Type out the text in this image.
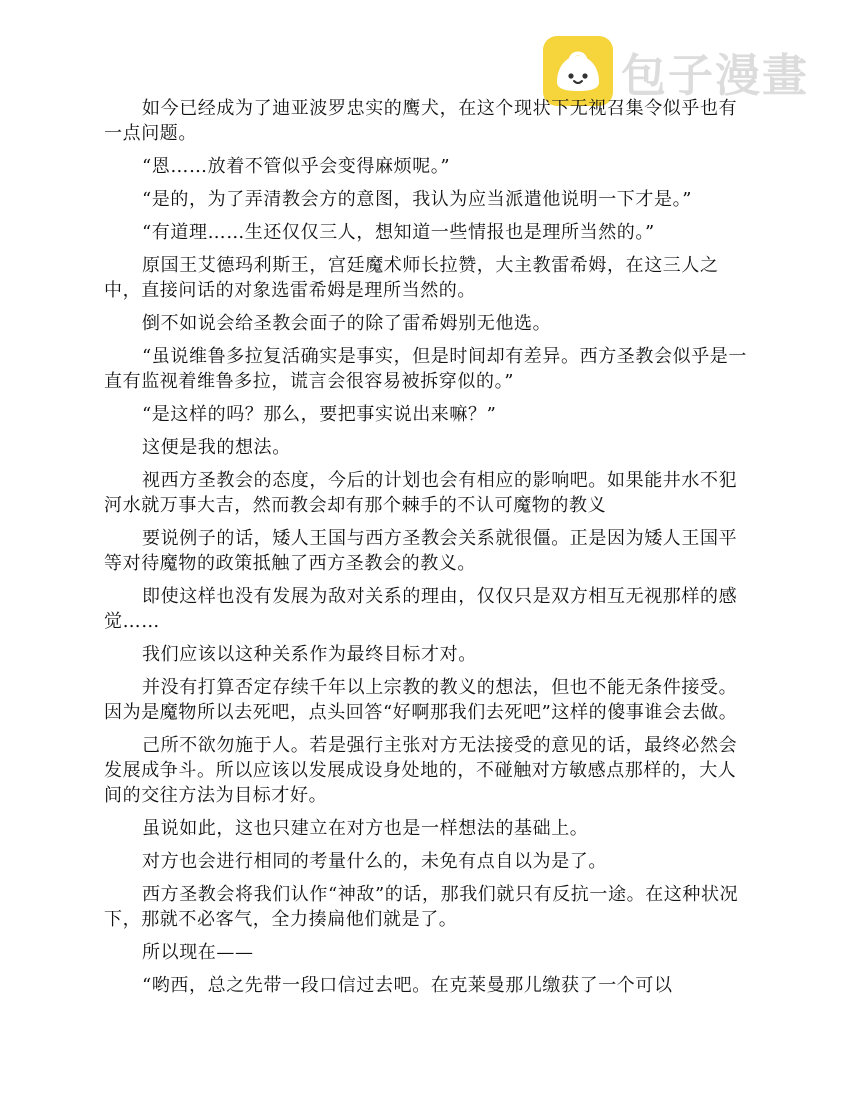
包子漫畫

如今已经成为了迪亚波罗忠实的鹰犬，在这个现状下无视召集令似乎也有一点问题。

“恩……放着不管似乎会变得麻烦呢。”

“是的，为了弄清教会方的意图，我认为应当派遣他说明一下才是。”

“有道理……生还仅仅三人，想知道一些情报也是理所当然的。”

原国王艾德玛利斯王，宫廷魔术师长拉赞，大主教雷希姆，在这三人之中，直接问话的对象选雷希姆是理所当然的。

倒不如说会给圣教会面子的除了雷希姆别无他选。

“虽说维鲁多拉复活确实是事实，但是时间却有差异。西方圣教会似乎是一直有监视着维鲁多拉，谎言会很容易被拆穿似的。”

“是这样的吗？那么，要把事实说出来嘛？”

这便是我的想法。

视西方圣教会的态度，今后的计划也会有相应的影响吧。如果能井水不犯河水就万事大吉，然而教会却有那个棘手的不认可魔物的教义

要说例子的话，矮人王国与西方圣教会关系就很僵。正是因为矮人王国平等对待魔物的政策抵触了西方圣教会的教义。

即使这样也没有发展为敌对关系的理由，仅仅只是双方相互无视那样的感觉……

我们应该以这种关系作为最终目标才对。

并没有打算否定存续千年以上宗教的教义的想法，但也不能无条件接受。因为是魔物所以去死吧，点头回答“好啊那我们去死吧”这样的傻事谁会去做。

己所不欲勿施于人。若是强行主张对方无法接受的意见的话，最终必然会发展成争斗。所以应该以发展成设身处地的，不碰触对方敏感点那样的，大人间的交往方法为目标才好。

虽说如此，这也只建立在对方也是一样想法的基础上。

对方也会进行相同的考量什么的，未免有点自以为是了。

西方圣教会将我们认作“神敌”的话，那我们就只有反抗一途。在这种状况下，那就不必客气，全力揍扁他们就是了。

所以现在——

“哟西，总之先带一段口信过去吧。在克莱曼那儿缴获了一个可以
